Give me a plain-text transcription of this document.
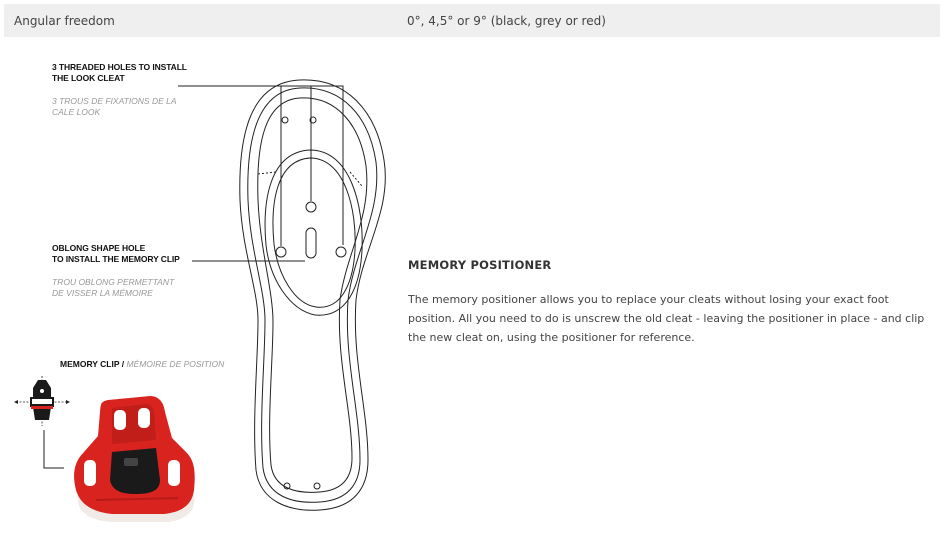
Angular freedom	0°, 4,5° or 9° (black, grey or red)

3 THREADED HOLES TO INSTALL
THE LOOK CLEAT

3 TROUS DE FIXATIONS DE LA
CALE LOOK

OBLONG SHAPE HOLE
TO INSTALL THE MEMORY CLIP

TROU OBLONG PERMETTANT
DE VISSER LA MÉMOIRE

MEMORY CLIP / MÉMOIRE DE POSITION
MEMORY POSITIONER

The memory positioner allows you to replace your cleats without losing your exact foot position. All you need to do is unscrew the old cleat - leaving the positioner in place - and clip the new cleat on, using the positioner for reference.
